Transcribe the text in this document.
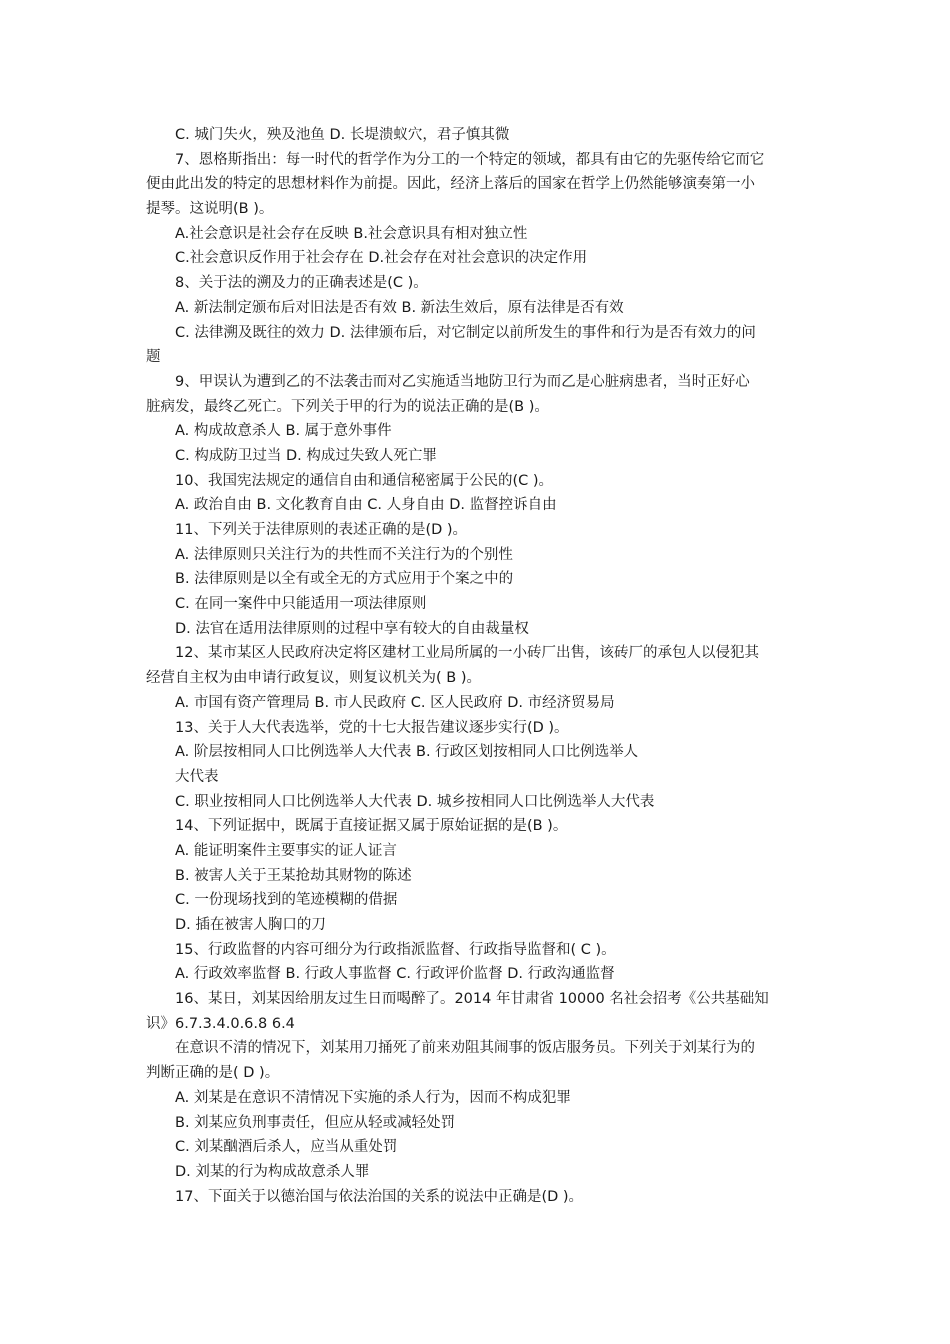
C. 城门失火，殃及池鱼 D. 长堤溃蚁穴，君子慎其微
7、恩格斯指出：每一时代的哲学作为分工的一个特定的领域，都具有由它的先驱传给它而它
便由此出发的特定的思想材料作为前提。因此，经济上落后的国家在哲学上仍然能够演奏第一小
提琴。这说明(B )。
A.社会意识是社会存在反映 B.社会意识具有相对独立性
C.社会意识反作用于社会存在 D.社会存在对社会意识的决定作用
8、关于法的溯及力的正确表述是(C )。
A. 新法制定颁布后对旧法是否有效 B. 新法生效后，原有法律是否有效
C. 法律溯及既往的效力 D. 法律颁布后，对它制定以前所发生的事件和行为是否有效力的问
题
9、甲误认为遭到乙的不法袭击而对乙实施适当地防卫行为而乙是心脏病患者，当时正好心
脏病发，最终乙死亡。下列关于甲的行为的说法正确的是(B )。
A. 构成故意杀人 B. 属于意外事件
C. 构成防卫过当 D. 构成过失致人死亡罪
10、我国宪法规定的通信自由和通信秘密属于公民的(C )。
A. 政治自由 B. 文化教育自由 C. 人身自由 D. 监督控诉自由
11、下列关于法律原则的表述正确的是(D )。
A. 法律原则只关注行为的共性而不关注行为的个别性
B. 法律原则是以全有或全无的方式应用于个案之中的
C. 在同一案件中只能适用一项法律原则
D. 法官在适用法律原则的过程中享有较大的自由裁量权
12、某市某区人民政府决定将区建材工业局所属的一小砖厂出售，该砖厂的承包人以侵犯其
经营自主权为由申请行政复议，则复议机关为( B )。
A. 市国有资产管理局 B. 市人民政府 C. 区人民政府 D. 市经济贸易局
13、关于人大代表选举，党的十七大报告建议逐步实行(D )。
A. 阶层按相同人口比例选举人大代表 B. 行政区划按相同人口比例选举人
大代表
C. 职业按相同人口比例选举人大代表 D. 城乡按相同人口比例选举人大代表
14、下列证据中，既属于直接证据又属于原始证据的是(B )。
A. 能证明案件主要事实的证人证言
B. 被害人关于王某抢劫其财物的陈述
C. 一份现场找到的笔迹模糊的借据
D. 插在被害人胸口的刀
15、行政监督的内容可细分为行政指派监督、行政指导监督和( C )。
A. 行政效率监督 B. 行政人事监督 C. 行政评价监督 D. 行政沟通监督
16、某日，刘某因给朋友过生日而喝醉了。2014 年甘肃省 10000 名社会招考《公共基础知
识》6.7.3.4.0.6.8 6.4
在意识不清的情况下，刘某用刀捅死了前来劝阻其闹事的饭店服务员。下列关于刘某行为的
判断正确的是( D )。
A. 刘某是在意识不清情况下实施的杀人行为，因而不构成犯罪
B. 刘某应负刑事责任，但应从轻或减轻处罚
C. 刘某酗酒后杀人，应当从重处罚
D. 刘某的行为构成故意杀人罪
17、下面关于以德治国与依法治国的关系的说法中正确是(D )。
